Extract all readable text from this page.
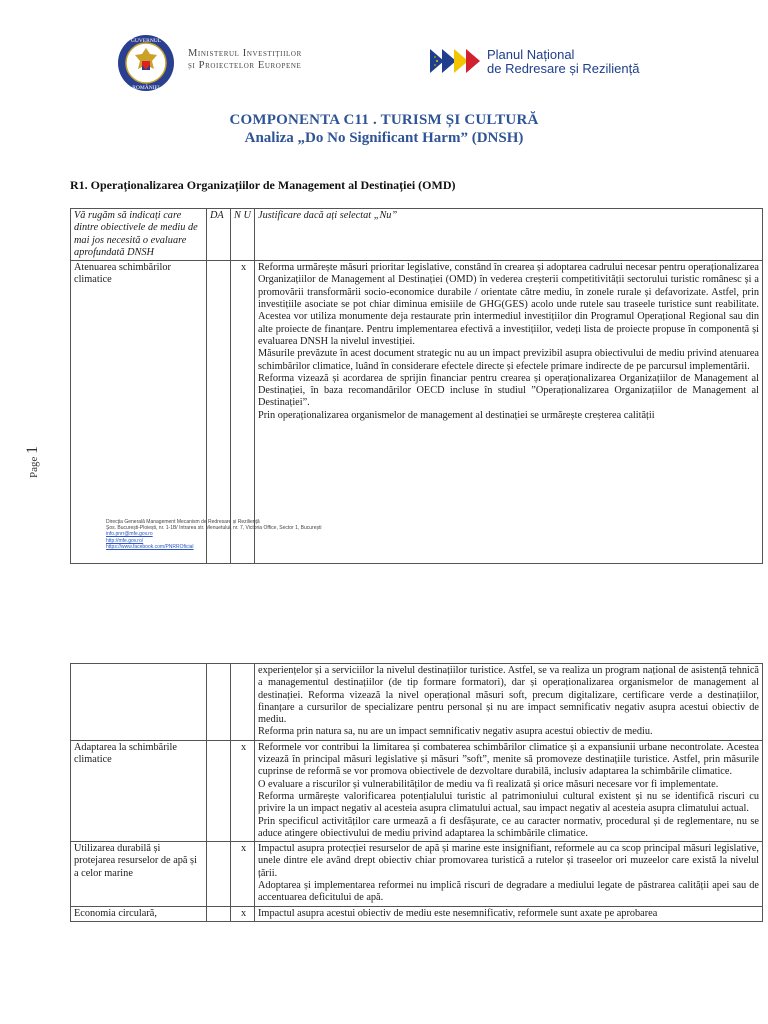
GUVERNUL
ROMÂNIEI
Ministerul Investițiilor
și Proiectelor Europene
Planul Național
de Redresare și Reziliență
COMPONENTA C11 . TURISM ȘI CULTURĂ
Analiza „Do No Significant Harm” (DNSH)
R1. Operaționalizarea Organizațiilor de Management al Destinației (OMD)
Vă rugăm să indicați care dintre obiectivele de mediu de mai jos necesită o evaluare aprofundată DNSH	DA	N U	Justificare dacă ați selectat „Nu”
Atenuarea schimbărilor climatice		x	Reforma urmărește măsuri prioritar legislative, constând în crearea și adoptarea cadrului necesar pentru operaționalizarea Organizațiilor de Management al Destinației (OMD) în vederea creșterii competitivității sectorului turistic românesc și a promovării transformării socio-economice durabile / orientate către mediu, în zonele rurale și defavorizate. Astfel, prin investițiile asociate se pot chiar diminua emisiile de GHG(GES) acolo unde rutele sau traseele turistice sunt reabilitate. Acestea vor utiliza monumente deja restaurate prin intermediul investițiilor din Programul Operațional Regional sau din alte proiecte de finanțare. Pentru implementarea efectivă a investițiilor, vedeți lista de proiecte propuse în componentă și evaluarea DNSH la nivelul investiției.

Măsurile prevăzute în acest document strategic nu au un impact previzibil asupra obiectivului de mediu privind atenuarea schimbărilor climatice, luând în considerare efectele directe și efectele primare indirecte de pe parcursul implementării.

Reforma vizează și acordarea de sprijin financiar pentru crearea și operaționalizarea Organizațiilor de Management al Destinației, în baza recomandărilor OECD incluse în studiul ”Operaționalizarea Organizațiilor de Management al Destinației”.

Prin operaționalizarea organismelor de management al destinației se urmărește creșterea calității

Page 1
Direcția Generală Management Mecanism de Redresare și Reziliență
Șos. București-Ploiești, nr. 1-1B/ Intrarea str. Menuetului, nr. 7, Victoria Office, Sector 1, București
info.pnrr@mfe.gov.ro
http://mfe.gov.ro/
https://www.facebook.com/PNRROficial

			experiențelor și a serviciilor la nivelul destinațiilor turistice. Astfel, se va realiza un program național de asistență tehnică a managementul destinațiilor (de tip formare formatori), dar și operaționalizarea organismelor de management al destinației. Reforma vizează la nivel operațional măsuri soft, precum digitalizare, certificare verde a destinațiilor, finanțare a cursurilor de specializare pentru personal și nu are impact semnificativ negativ asupra acestui obiectiv de mediu.

Reforma prin natura sa, nu are un impact semnificativ negativ asupra acestui obiectiv de mediu.

Adaptarea la schimbările climatice		x	Reformele vor contribui la limitarea și combaterea schimbărilor climatice și a expansiunii urbane necontrolate. Acestea vizează în principal măsuri legislative și măsuri ”soft”, menite să promoveze destinațiile turistice. Astfel, prin măsurile cuprinse de reformă se vor promova obiectivele de dezvoltare durabilă, inclusiv adaptarea la schimbările climatice.

O evaluare a riscurilor și vulnerabilităților de mediu va fi realizată și orice măsuri necesare vor fi implementate.

Reforma urmărește valorificarea potențialului turistic al patrimoniului cultural existent și nu se identifică riscuri cu privire la un impact negativ al acesteia asupra climatului actual, sau impact negativ al acesteia asupra climatului actual.

Prin specificul activităților care urmează a fi desfășurate, ce au caracter normativ, procedural și de reglementare, nu se aduce atingere obiectivului de mediu privind adaptarea la schimbările climatice.

Utilizarea durabilă și protejarea resurselor de apă și a celor marine		x	Impactul asupra protecției resurselor de apă și marine este insignifiant, reformele au ca scop principal măsuri legislative, unele dintre ele având drept obiectiv chiar promovarea turistică a rutelor și traseelor ori muzeelor care există la nivelul țării.

Adoptarea și implementarea reformei nu implică riscuri de degradare a mediului legate de păstrarea calității apei sau de accentuarea deficitului de apă.

Economia circulară,		x	Impactul asupra acestui obiectiv de mediu este nesemnificativ, reformele sunt axate pe aprobarea
